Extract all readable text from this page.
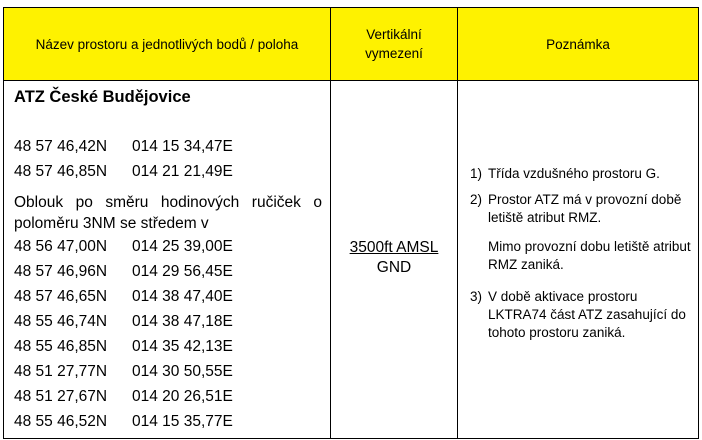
Název prostoru a jednotlivých bodů / poloha
Vertikální
vymezení
Poznámka
ATZ České Budějovice
48 57 46,42N 014 15 34,47E
48 57 46,85N 014 21 21,49E
Oblouk po směru hodinových ručiček o poloměru 3NM se středem v
48 56 47,00N 014 25 39,00E
48 57 46,96N 014 29 56,45E
48 57 46,65N 014 38 47,40E
48 55 46,74N 014 38 47,18E
48 55 46,85N 014 35 42,13E
48 51 27,77N 014 30 50,55E
48 51 27,67N 014 20 26,51E
48 55 46,52N 014 15 35,77E
3500ft AMSL
GND
1) Třída vzdušného prostoru G.
2) Prostor ATZ má v provozní době letiště atribut RMZ.
Mimo provozní dobu letiště atribut RMZ zaniká.
3) V době aktivace prostoru LKTRA74 část ATZ zasahující do tohoto prostoru zaniká.
